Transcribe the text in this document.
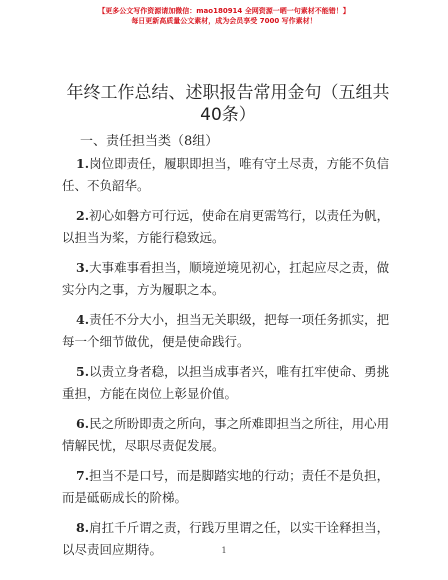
【更多公文写作资源请加微信：mao180914 全网资源一晒一句素材不能错！】
每日更新高质量公文素材，成为会员享受 7000 写作素材！
年终工作总结、述职报告常用金句（五组共40条）
一、责任担当类（8组）

1.岗位即责任，履职即担当，唯有守土尽责，方能不负信任、不负韶华。

2.初心如磐方可行远，使命在肩更需笃行，以责任为帆，以担当为桨，方能行稳致远。

3.大事难事看担当，顺境逆境见初心，扛起应尽之责，做实分内之事，方为履职之本。

4.责任不分大小，担当无关职级，把每一项任务抓实，把每一个细节做优，便是使命践行。

5.以责立身者稳，以担当成事者兴，唯有扛牢使命、勇挑重担，方能在岗位上彰显价值。

6.民之所盼即责之所向，事之所难即担当之所往，用心用情解民忧，尽职尽责促发展。

7.担当不是口号，而是脚踏实地的行动；责任不是负担，而是砥砺成长的阶梯。

8.肩扛千斤谓之责，行践万里谓之任，以实干诠释担当，以尽责回应期待。	1
